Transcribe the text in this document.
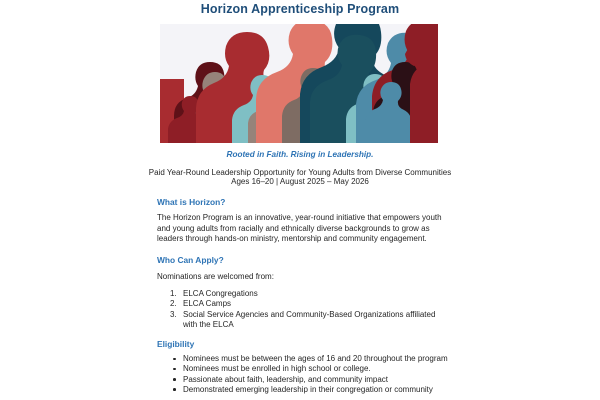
Horizon Apprenticeship Program
Rooted in Faith. Rising in Leadership.
Paid Year-Round Leadership Opportunity for Young Adults from Diverse Communities
Ages 16–20 | August 2025 – May 2026
What is Horizon?
The Horizon Program is an innovative, year-round initiative that empowers youth and young adults from racially and ethnically diverse backgrounds to grow as leaders through hands-on ministry, mentorship and community engagement.
Who Can Apply?
Nominations are welcomed from:
1. ELCA Congregations
2. ELCA Camps
3. Social Service Agencies and Community-Based Organizations affiliated with the ELCA
Eligibility
Nominees must be between the ages of 16 and 20 throughout the program
Nominees must be enrolled in high school or college.
Passionate about faith, leadership, and community impact
Demonstrated emerging leadership in their congregation or community
